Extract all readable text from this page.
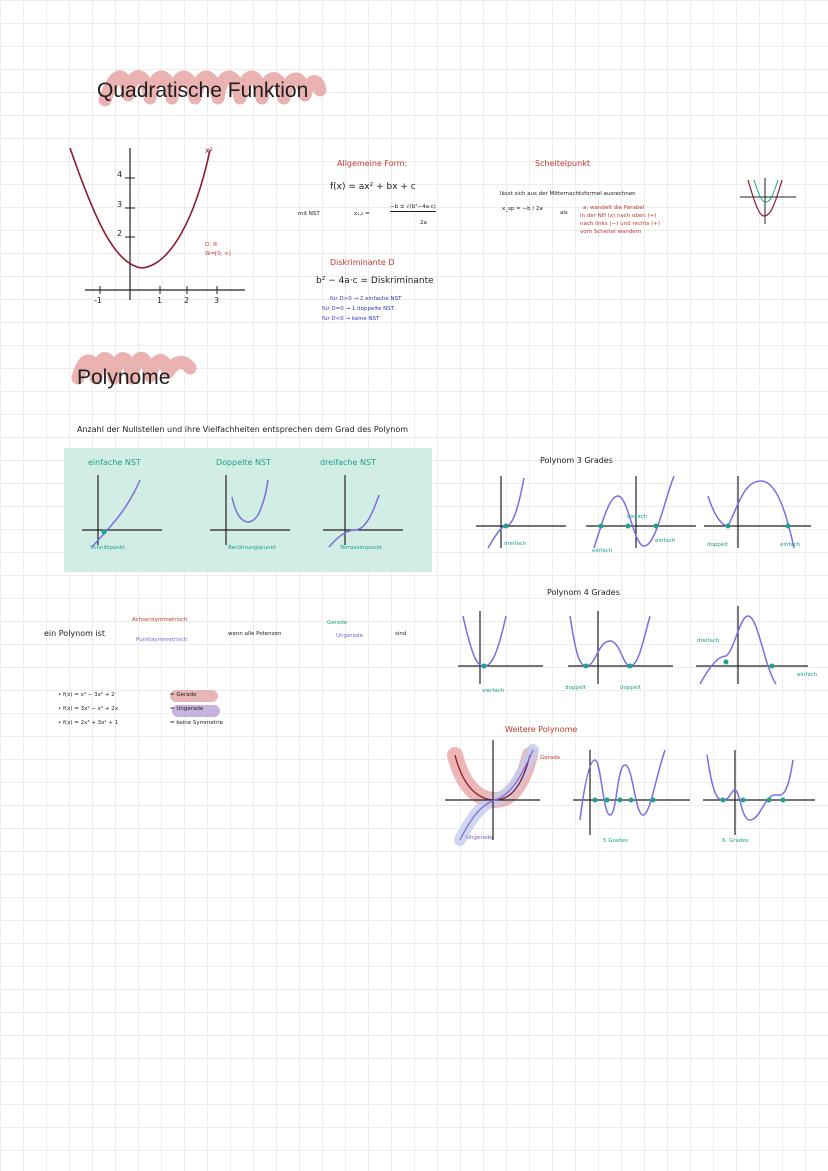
Quadratische Funktion
x²
4
3
2
-1	1	2	3
D: ℝ
W=[0, ∞)
Allgemeine Form:
f(x) = ax² + bx + c
mit NST	x₁,₂ =
−b ± √(b²−4a·c)
2a
Diskriminante D
b² − 4a·c = Diskriminante
für D>0 → 2 einfache NST
für D=0 → 1 doppelte NST
für D<0 → keine NST
Scheitelpunkt
lässt sich aus der Mitternachtsformel ausrechnen
x_sp = −b / 2a
als
a: wandelt die Parabel
in der NH (x) nach oben (+)
nach links (−) und rechts (+)
vom Scheitel wandern
Polynome
Anzahl der Nullstellen und ihre Vielfachheiten entsprechen dem Grad des Polynom
einfache NST	Doppelte NST	dreifache NST
Schnittpunkt	Berührungspunkt	Terrassenpunkt
ein Polynom ist
Achsensymmetrisch
Punktsymmetrisch
wenn alle Potenzen
Gerade
Ungerade	sind
• f(x) = x⁴ − 3x² + 2	= Gerade
• f(x) = 3x⁵ − x³ + 2x	= Ungerade
• f(x) = 2x³ + 3x² + 1	= keine Symmetrie
Polynom 3 Grades
dreifach
einfach
einfach
einfach
doppelt	einfach
Polynom 4 Grades
vierfach	doppelt	doppelt
dreifach
einfach
Weitere Polynome
Gerade
Ungerade	5 Grades	6. Grades
